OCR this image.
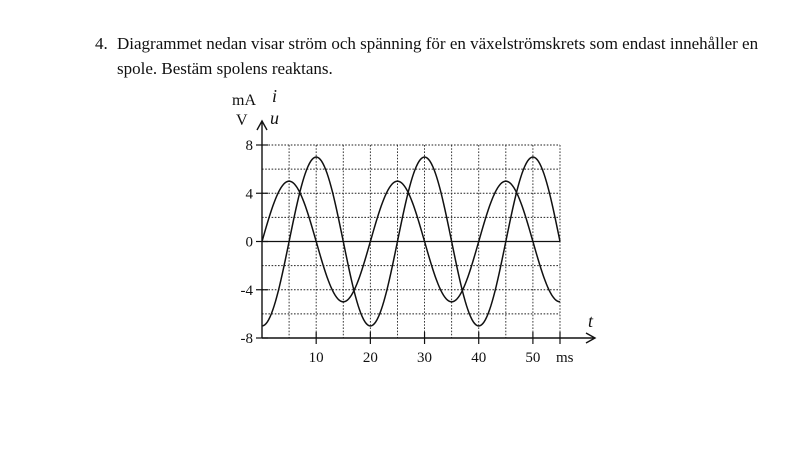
4. Diagrammet nedan visar ström och spänning för en växelströmskrets som endast innehåller en spole. Bestäm spolens reaktans.
8
4
0
-4
-8
10	20	30	40	50
mA
V
i
u
t
ms
